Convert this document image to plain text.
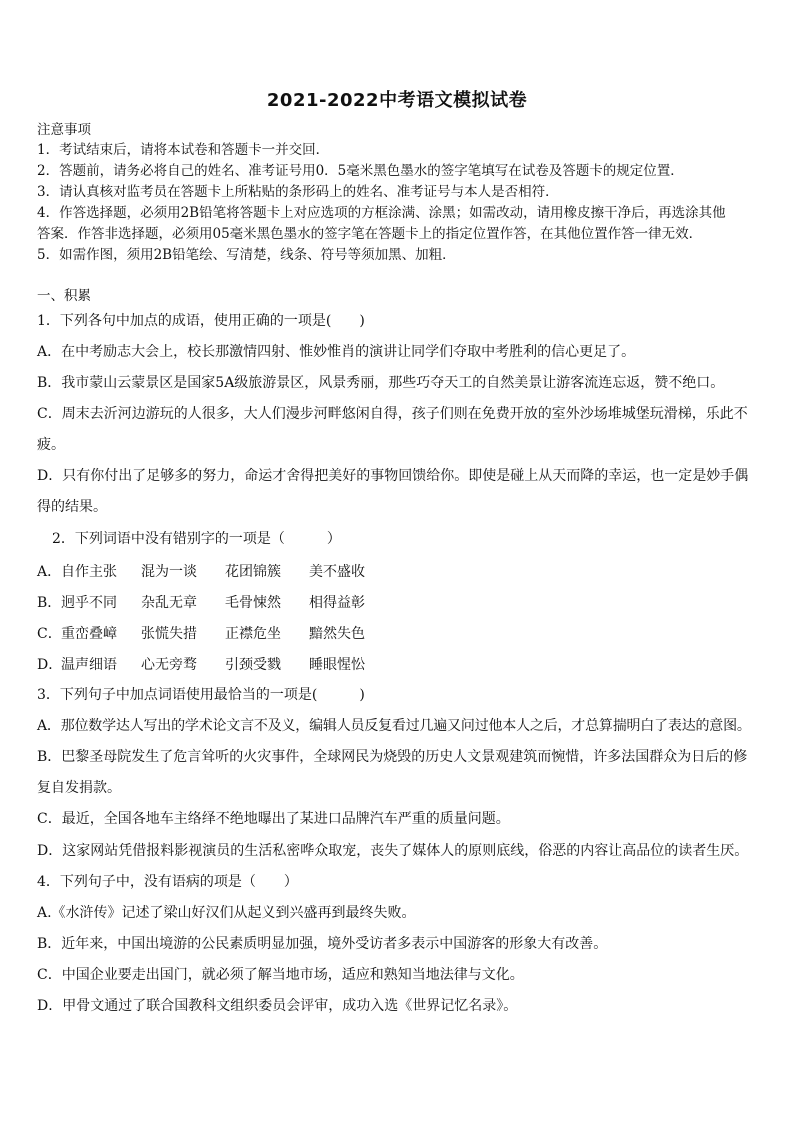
2021-2022中考语文模拟试卷
注意事项
1．考试结束后，请将本试卷和答题卡一并交回．
2．答题前，请务必将自己的姓名、准考证号用0．5毫米黑色墨水的签字笔填写在试卷及答题卡的规定位置．
3．请认真核对监考员在答题卡上所粘贴的条形码上的姓名、准考证号与本人是否相符．
4．作答选择题，必须用2B铅笔将答题卡上对应选项的方框涂满、涂黑；如需改动，请用橡皮擦干净后，再选涂其他
答案．作答非选择题，必须用05毫米黑色墨水的签字笔在答题卡上的指定位置作答，在其他位置作答一律无效．
5．如需作图，须用2B铅笔绘、写清楚，线条、符号等须加黑、加粗．
一、积累
1．下列各句中加点的成语，使用正确的一项是(　　)
A．在中考励志大会上，校长那激情四射、惟妙惟肖的演讲让同学们夺取中考胜利的信心更足了。
B．我市蒙山云蒙景区是国家5A级旅游景区，风景秀丽，那些巧夺天工的自然美景让游客流连忘返，赞不绝口。
C．周末去沂河边游玩的人很多，大人们漫步河畔悠闲自得，孩子们则在免费开放的室外沙场堆城堡玩滑梯，乐此不
疲。
D．只有你付出了足够多的努力，命运才舍得把美好的事物回馈给你。即使是碰上从天而降的幸运，也一定是妙手偶
得的结果。
2．下列词语中没有错别字的一项是（　　　）
A．自作主张 混为一谈 花团锦簇 美不盛收
B．迥乎不同 杂乱无章 毛骨悚然 相得益彰
C．重峦叠嶂 张慌失措 正襟危坐 黯然失色
D．温声细语 心无旁骛 引颈受戮 睡眼惺忪
3．下列句子中加点词语使用最恰当的一项是(　　　)
A．那位数学达人写出的学术论文言不及义，编辑人员反复看过几遍又问过他本人之后，才总算揣明白了表达的意图。
B．巴黎圣母院发生了危言耸听的火灾事件，全球网民为烧毁的历史人文景观建筑而惋惜，许多法国群众为日后的修
复自发捐款。
C．最近，全国各地车主络绎不绝地曝出了某进口品牌汽车严重的质量问题。
D．这家网站凭借报料影视演员的生活私密哗众取宠，丧失了媒体人的原则底线，俗恶的内容让高品位的读者生厌。
4．下列句子中，没有语病的项是（　　）
A.《水浒传》记述了梁山好汉们从起义到兴盛再到最终失败。
B．近年来，中国出境游的公民素质明显加强，境外受访者多表示中国游客的形象大有改善。
C．中国企业要走出国门，就必须了解当地市场，适应和熟知当地法律与文化。
D．甲骨文通过了联合国教科文组织委员会评审，成功入选《世界记忆名录》。
